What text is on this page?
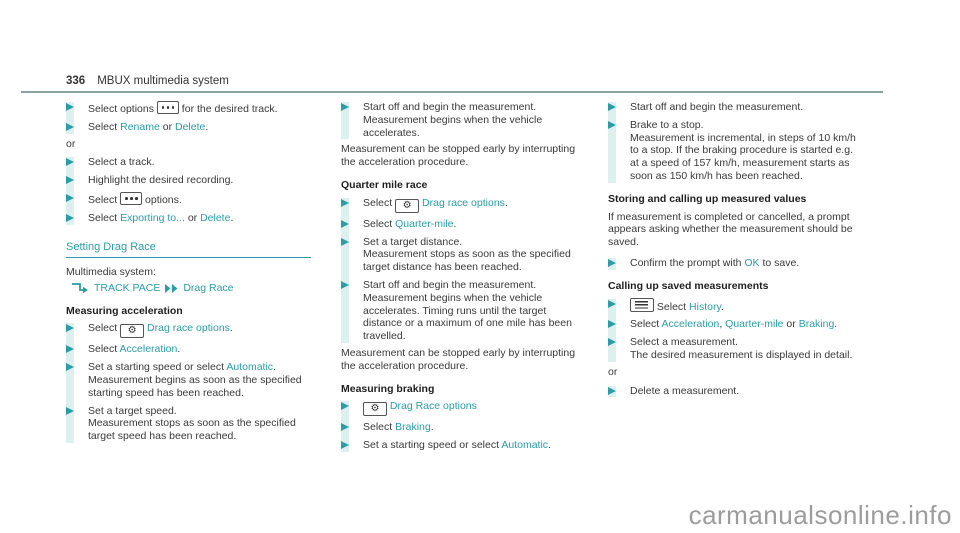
336 MBUX multimedia system
Select options  for the desired track.
Select Rename or Delete.
or
Select a track.
Highlight the desired recording.
Select  options.
Select Exporting to... or Delete.
Setting Drag Race
Multimedia system:
TRACK PACE Drag Race
Measuring acceleration
Select ⚙	Drag race options.
Select Acceleration.
Set a starting speed or select Automatic.
Measurement begins as soon as the specified starting speed has been reached.
Set a target speed.
Measurement stops as soon as the specified target speed has been reached.
Start off and begin the measurement.
Measurement begins when the vehicle accelerates.
Measurement can be stopped early by interrupting the acceleration procedure.
Quarter mile race
Select ⚙	Drag race options.
Select Quarter-mile.
Set a target distance.
Measurement stops as soon as the specified target distance has been reached.
Start off and begin the measurement.
Measurement begins when the vehicle accelerates. Timing runs until the target distance or a maximum of one mile has been travelled.
Measurement can be stopped early by interrupting the acceleration procedure.
Measuring braking
⚙ Drag Race options
Select Braking.
Set a starting speed or select Automatic.
Start off and begin the measurement.
Brake to a stop.
Measurement is incremental, in steps of 10 km/h to a stop. If the braking procedure is started e.g. at a speed of 157 km/h, measurement starts as soon as 150 km/h has been reached.
Storing and calling up measured values
If measurement is completed or cancelled, a prompt appears asking whether the measurement should be saved.
Confirm the prompt with OK to save.
Calling up saved measurements
Select History.
Select Acceleration, Quarter-mile or Braking.
Select a measurement.
The desired measurement is displayed in detail.
or
Delete a measurement.
carmanualsonline.info
